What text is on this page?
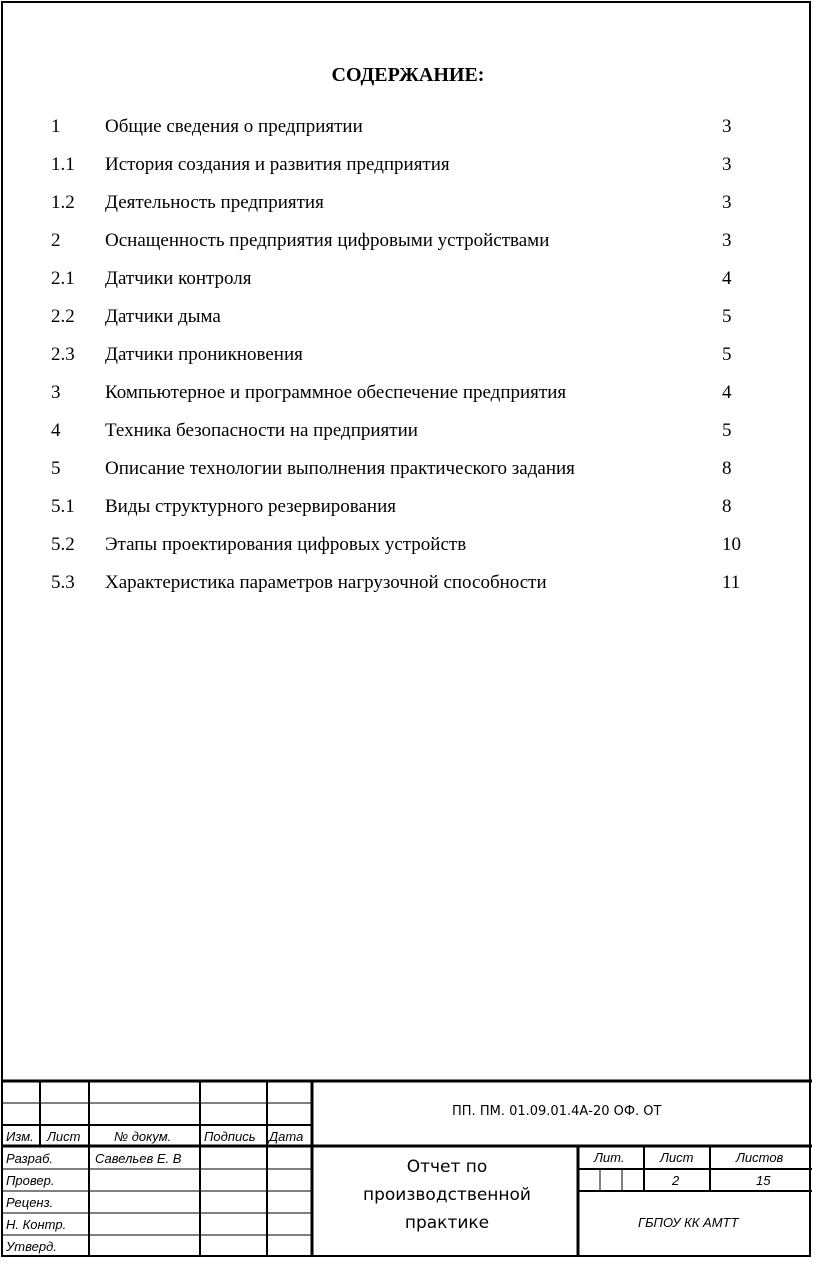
СОДЕРЖАНИЕ:
1 Общие сведения о предприятии	3
1.1 История создания и развития предприятия	3
1.2 Деятельность предприятия	3
2 Оснащенность предприятия цифровыми устройствами	3
2.1 Датчики контроля	4
2.2 Датчики дыма	5
2.3 Датчики проникновения	5
3 Компьютерное и программное обеспечение предприятия	4
4 Техника безопасности на предприятии	5
5 Описание технологии выполнения практического задания	8
5.1 Виды структурного резервирования	8
5.2 Этапы проектирования цифровых устройств	10
5.3 Характеристика параметров нагрузочной способности	11
ПП. ПМ. 01.09.01.4А-20 ОФ. ОТ
Изм. Лист	№ докум.	Подпись Дата
Разраб.	Савельев Е. В
Провер.
Реценз.
Н. Контр.
Утверд.
Отчет по
производственной
практике
Лит.	Лист	Листов
2	15
ГБПОУ КК АМТТ
